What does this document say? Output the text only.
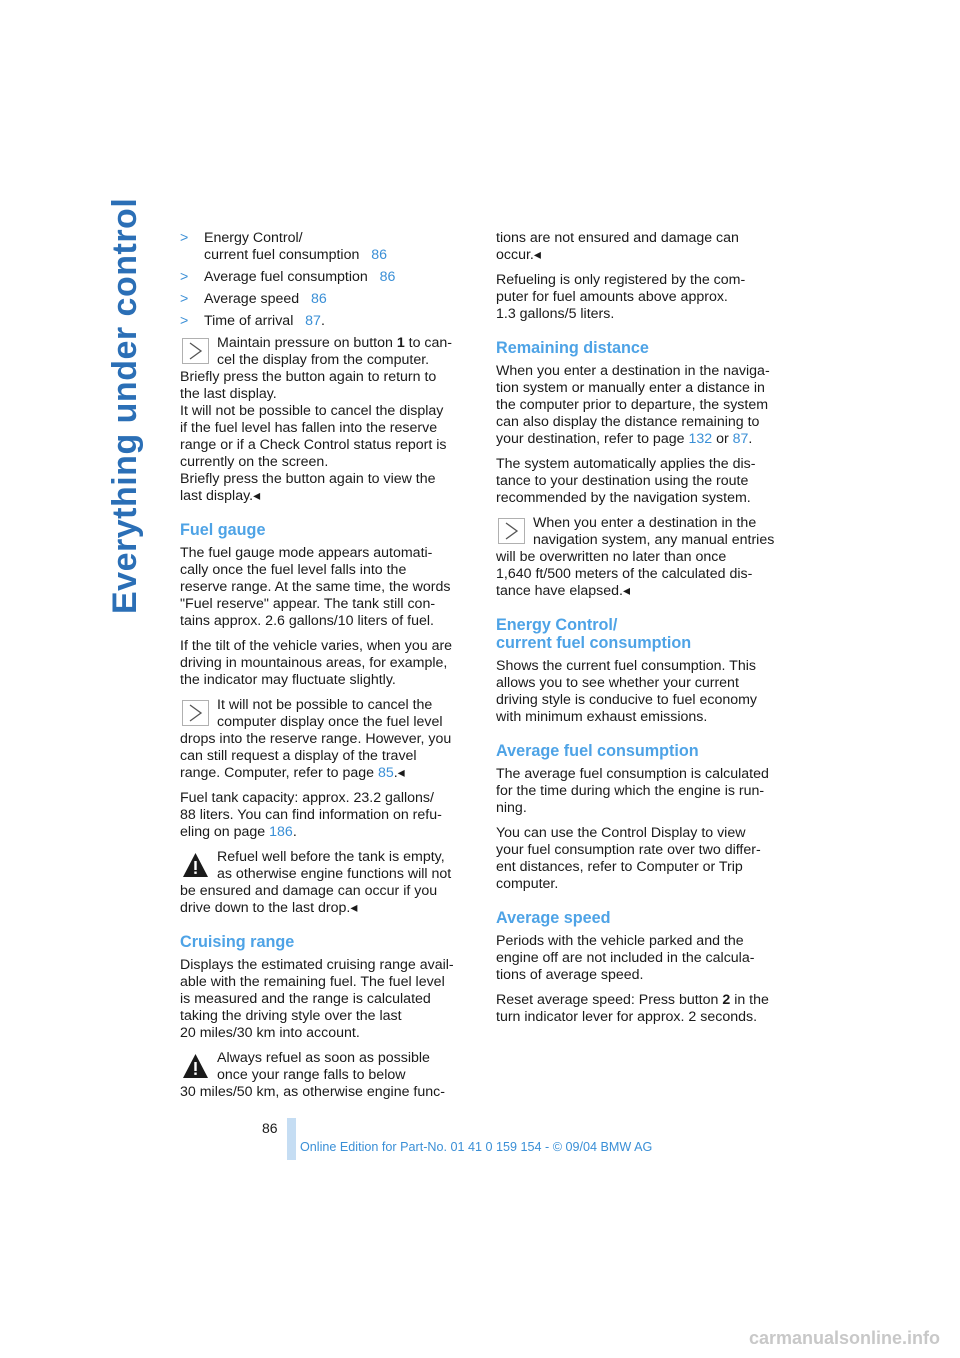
Everything under control	>	Energy Control/
current fuel consumption 86
>	Average fuel consumption 86
>	Average speed 86
>	Time of arrival 87.

Maintain pressure on button 1 to can-
cel the display from the computer.

Briefly press the button again to return to
the last display.
It will not be possible to cancel the display
if the fuel level has fallen into the reserve
range or if a Check Control status report is
currently on the screen.
Briefly press the button again to view the
last display.◂

Fuel gauge

The fuel gauge mode appears automati-
cally once the fuel level falls into the
reserve range. At the same time, the words
"Fuel reserve" appear. The tank still con-
tains approx. 2.6 gallons/10 liters of fuel.

If the tilt of the vehicle varies, when you are
driving in mountainous areas, for example,
the indicator may fluctuate slightly.

It will not be possible to cancel the
computer display once the fuel level

drops into the reserve range. However, you
can still request a display of the travel
range. Computer, refer to page 85.◂

Fuel tank capacity: approx. 23.2 gallons/
88 liters. You can find information on refu-
eling on page 186.

Refuel well before the tank is empty,
as otherwise engine functions will not

be ensured and damage can occur if you
drive down to the last drop.◂

Cruising range

Displays the estimated cruising range avail-
able with the remaining fuel. The fuel level
is measured and the range is calculated
taking the driving style over the last
20 miles/30 km into account.

Always refuel as soon as possible
once your range falls to below

30 miles/50 km, as otherwise engine func-

tions are not ensured and damage can
occur.◂

Refueling is only registered by the com-
puter for fuel amounts above approx.
1.3 gallons/5 liters.

Remaining distance

When you enter a destination in the naviga-
tion system or manually enter a distance in
the computer prior to departure, the system
can also display the distance remaining to
your destination, refer to page 132 or 87.

The system automatically applies the dis-
tance to your destination using the route
recommended by the navigation system.

When you enter a destination in the
navigation system, any manual entries

will be overwritten no later than once
1,640 ft/500 meters of the calculated dis-
tance have elapsed.◂

Energy Control/
current fuel consumption

Shows the current fuel consumption. This
allows you to see whether your current
driving style is conducive to fuel economy
with minimum exhaust emissions.

Average fuel consumption

The average fuel consumption is calculated
for the time during which the engine is run-
ning.

You can use the Control Display to view
your fuel consumption rate over two differ-
ent distances, refer to Computer or Trip
computer.

Average speed

Periods with the vehicle parked and the
engine off are not included in the calcula-
tions of average speed.

Reset average speed: Press button 2 in the
turn indicator lever for approx. 2 seconds.

86
Online Edition for Part-No. 01 41 0 159 154 - © 09/04 BMW AG
carmanualsonline.info
